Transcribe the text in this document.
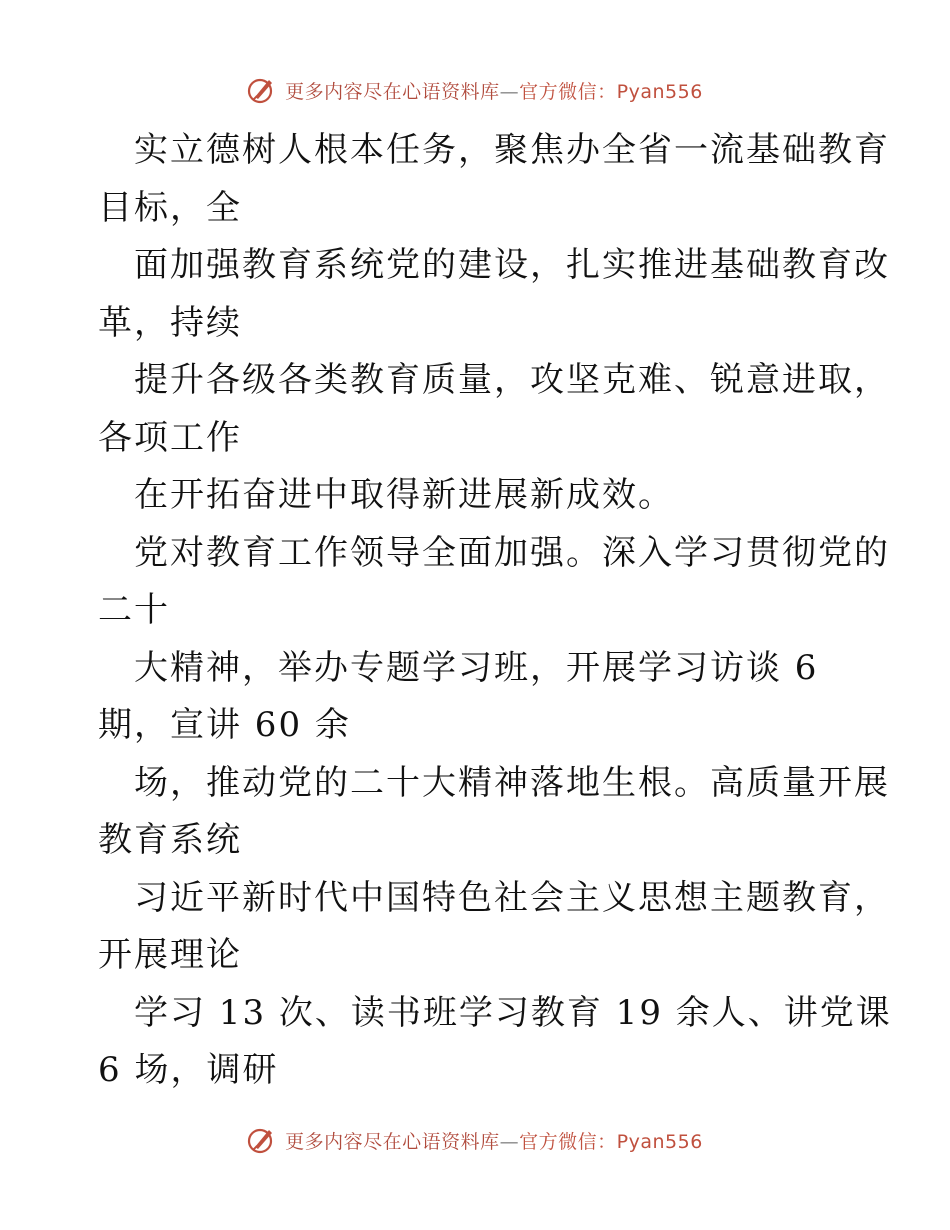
更多内容尽在心语资料库—官方微信：Pyan556
实立德树人根本任务，聚焦办全省一流基础教育
目标，全
面加强教育系统党的建设，扎实推进基础教育改
革，持续
提升各级各类教育质量，攻坚克难、锐意进取，
各项工作
在开拓奋进中取得新进展新成效。
党对教育工作领导全面加强。深入学习贯彻党的
二十
大精神，举办专题学习班，开展学习访谈 6
期，宣讲 60 余
场，推动党的二十大精神落地生根。高质量开展
教育系统
习近平新时代中国特色社会主义思想主题教育，
开展理论
学习 13 次、读书班学习教育 19 余人、讲党课
6 场，调研
更多内容尽在心语资料库—官方微信：Pyan556
